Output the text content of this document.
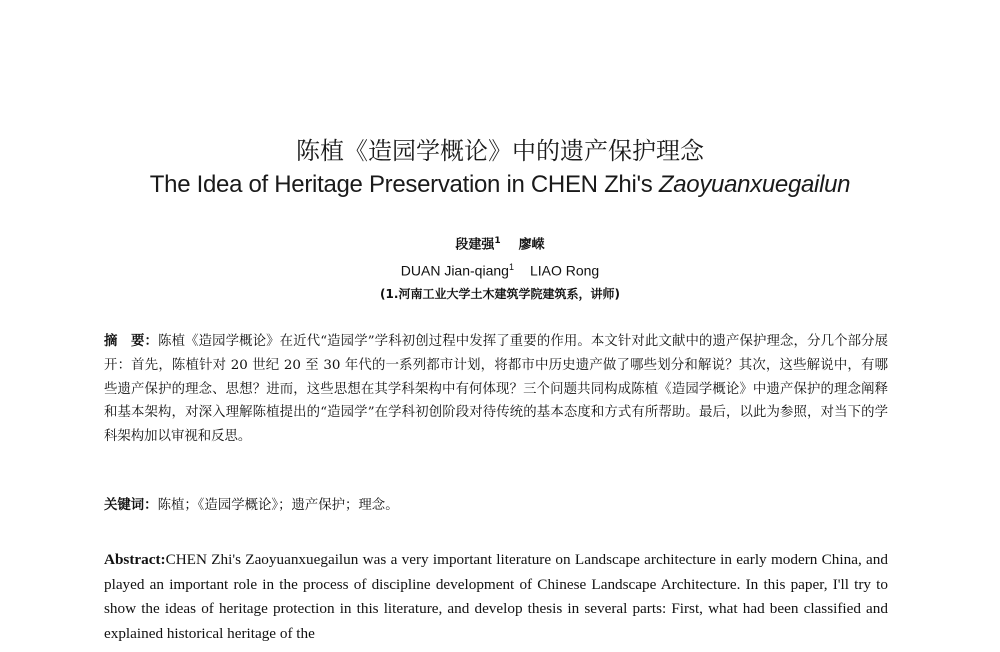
陈植《造园学概论》中的遗产保护理念
The Idea of Heritage Preservation in CHEN Zhi's Zaoyuanxuegailun
段建强$^1$ 廖嵘
DUAN Jian-qiang$^1$ LIAO Rong
(1.河南工业大学土木建筑学院建筑系，讲师)

摘　要：陈植《造园学概论》在近代“造园学”学科初创过程中发挥了重要的作用。本文针对此文献中的遗产保护理念，分几个部分展开：首先，陈植针对 20 世纪 20 至 30 年代的一系列都市计划，将都市中历史遗产做了哪些划分和解说？其次，这些解说中，有哪些遗产保护的理念、思想？进而，这些思想在其学科架构中有何体现？三个问题共同构成陈植《造园学概论》中遗产保护的理念阐释和基本架构，对深入理解陈植提出的“造园学”在学科初创阶段对待传统的基本态度和方式有所帮助。最后，以此为参照，对当下的学科架构加以审视和反思。

关键词：陈植；《造园学概论》；遗产保护；理念。

Abstract:CHEN Zhi's Zaoyuanxuegailun was a very important literature on Landscape architecture in early modern China, and played an important role in the process of discipline development of Chinese Landscape Architecture. In this paper, I'll try to show the ideas of heritage protection in this literature, and develop thesis in several parts: First, what had been classified and explained historical heritage of the
